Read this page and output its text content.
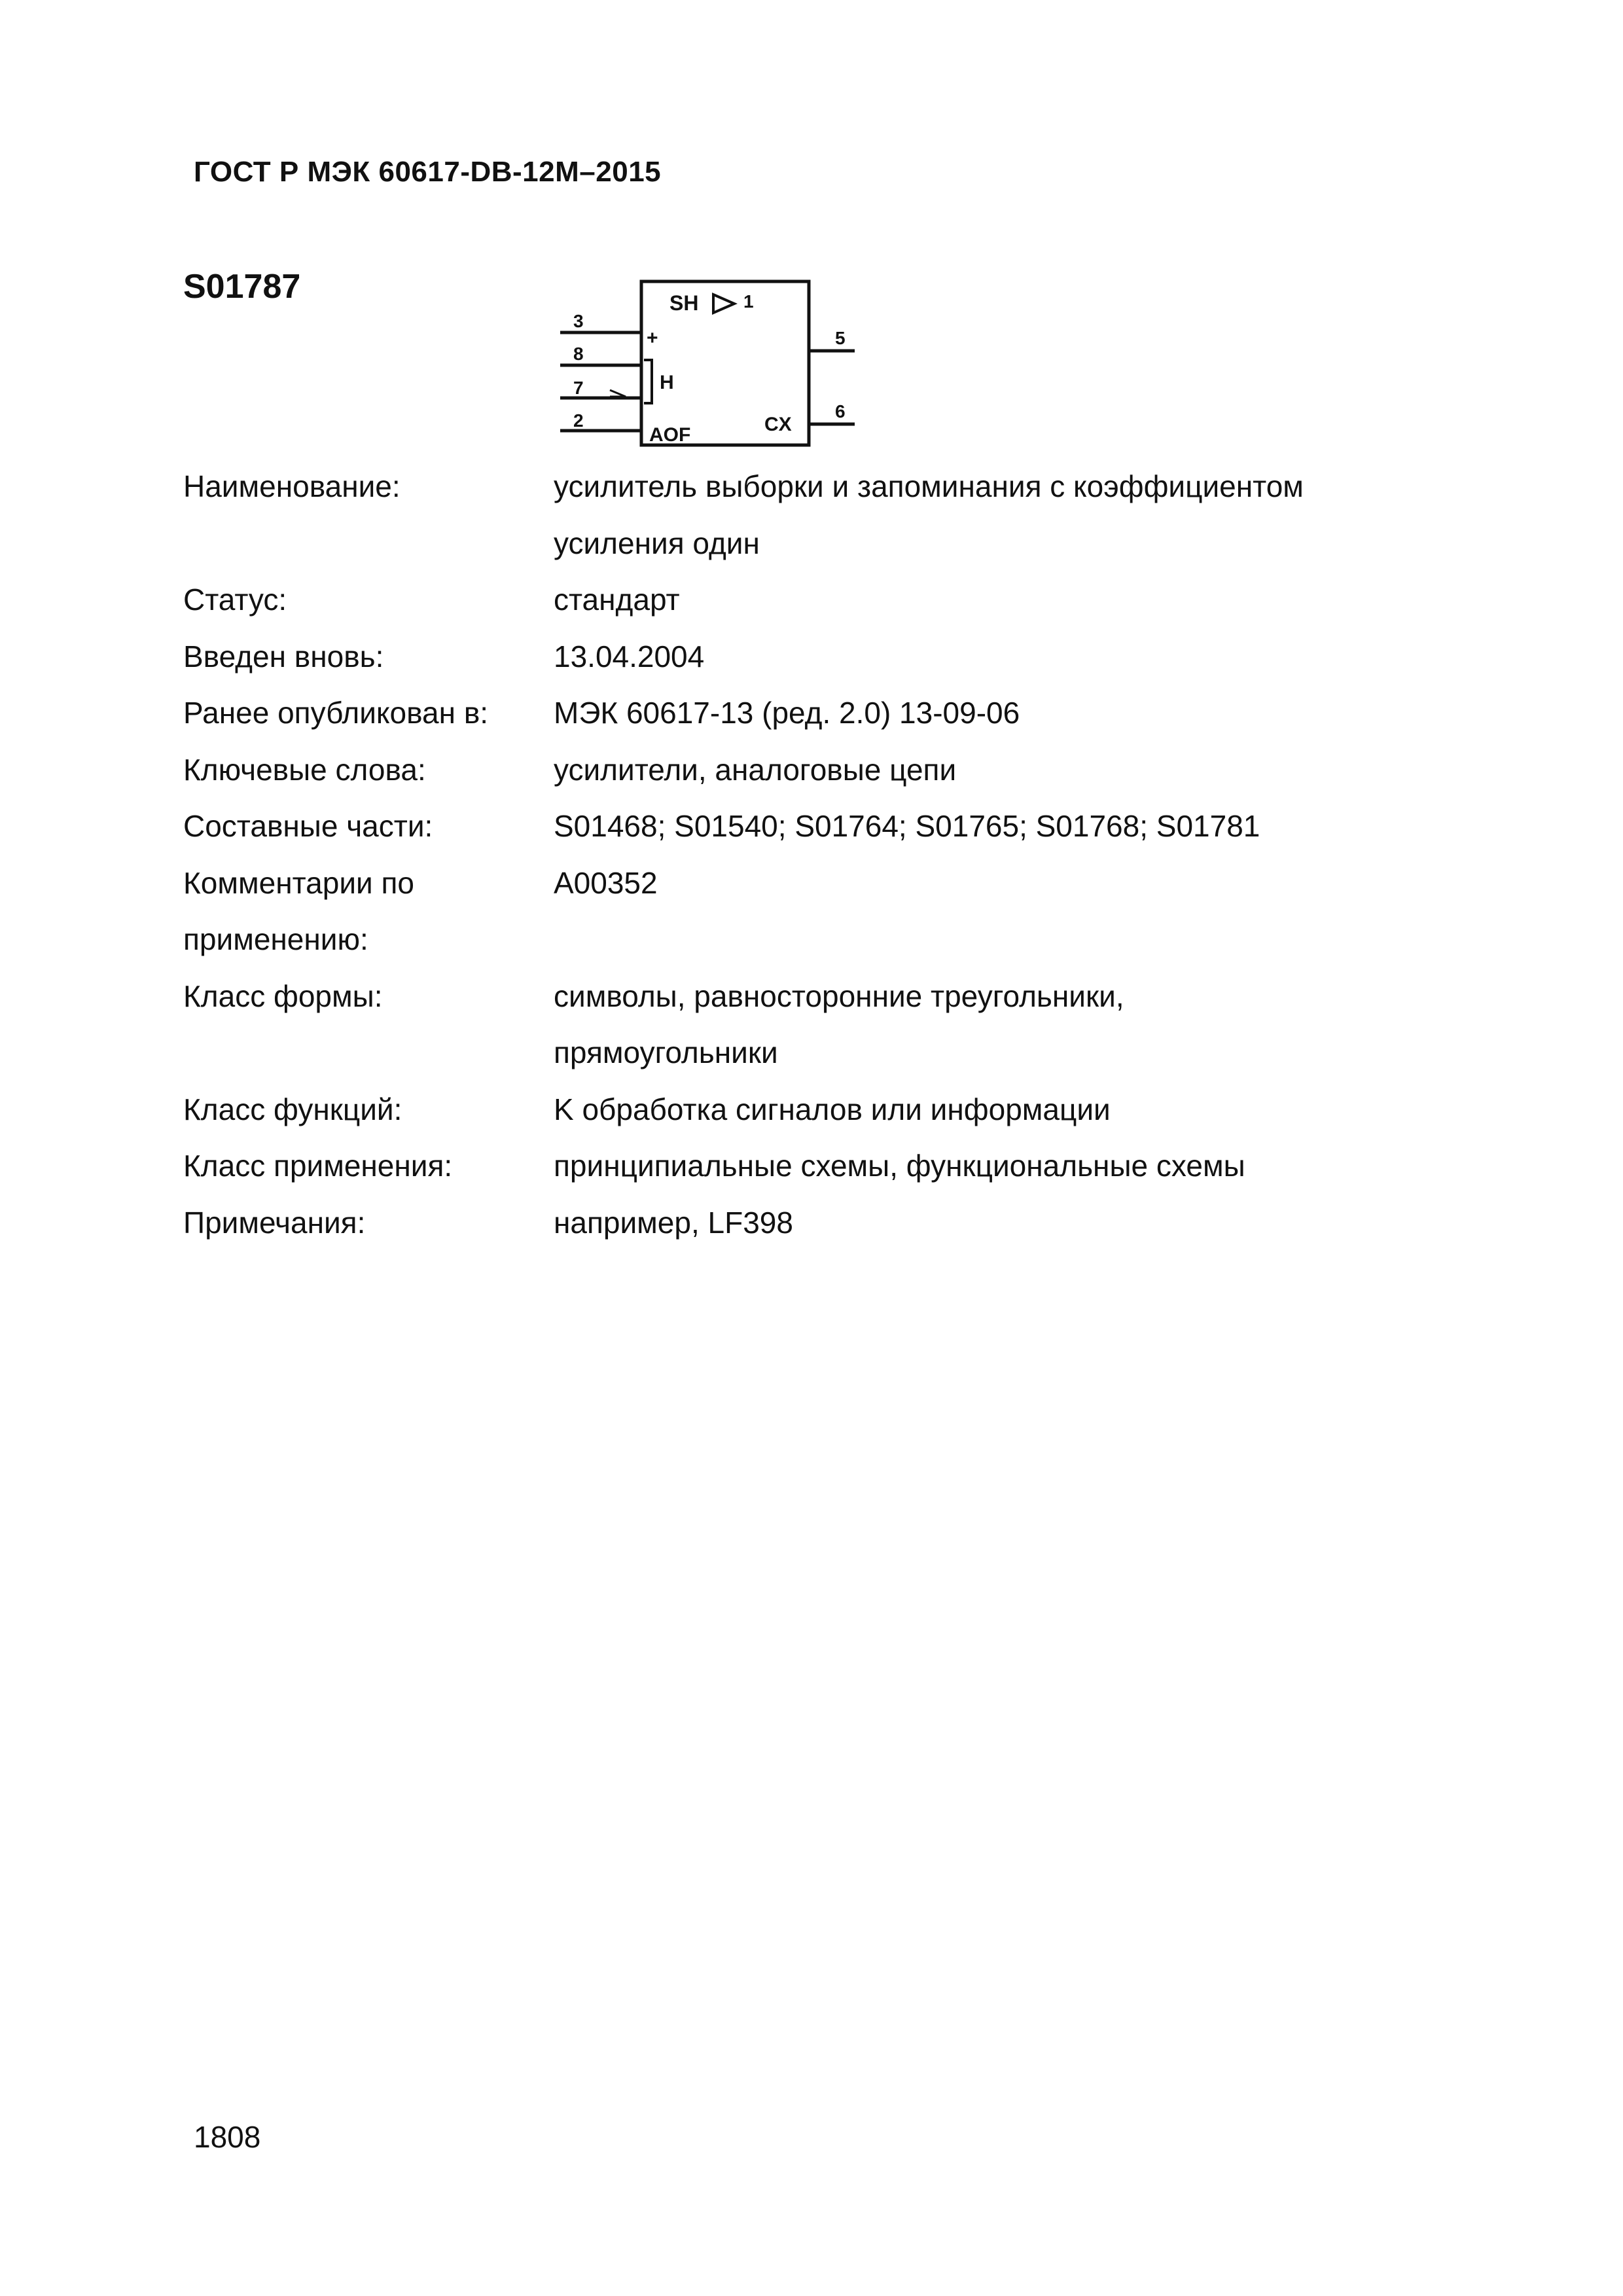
ГОСТ Р МЭК 60617-DB-12M–2015
S01787	SH 1
3
+
8
7	H
2
AOF
5
6
CX
Наименование:	усилитель выборки и запоминания с коэффициентом
усиления один
Статус:	стандарт
Введен вновь:	13.04.2004
Ранее опубликован в:	МЭК 60617-13 (ред. 2.0) 13-09-06
Ключевые слова:	усилители, аналоговые цепи
Составные части:	S01468; S01540; S01764; S01765; S01768; S01781
Комментарии по применению:
A00352
Класс формы:	символы, равносторонние треугольники,
прямоугольники
Класс функций:	K обработка сигналов или информации
Класс применения:	принципиальные схемы, функциональные схемы
Примечания:	например, LF398
1808
